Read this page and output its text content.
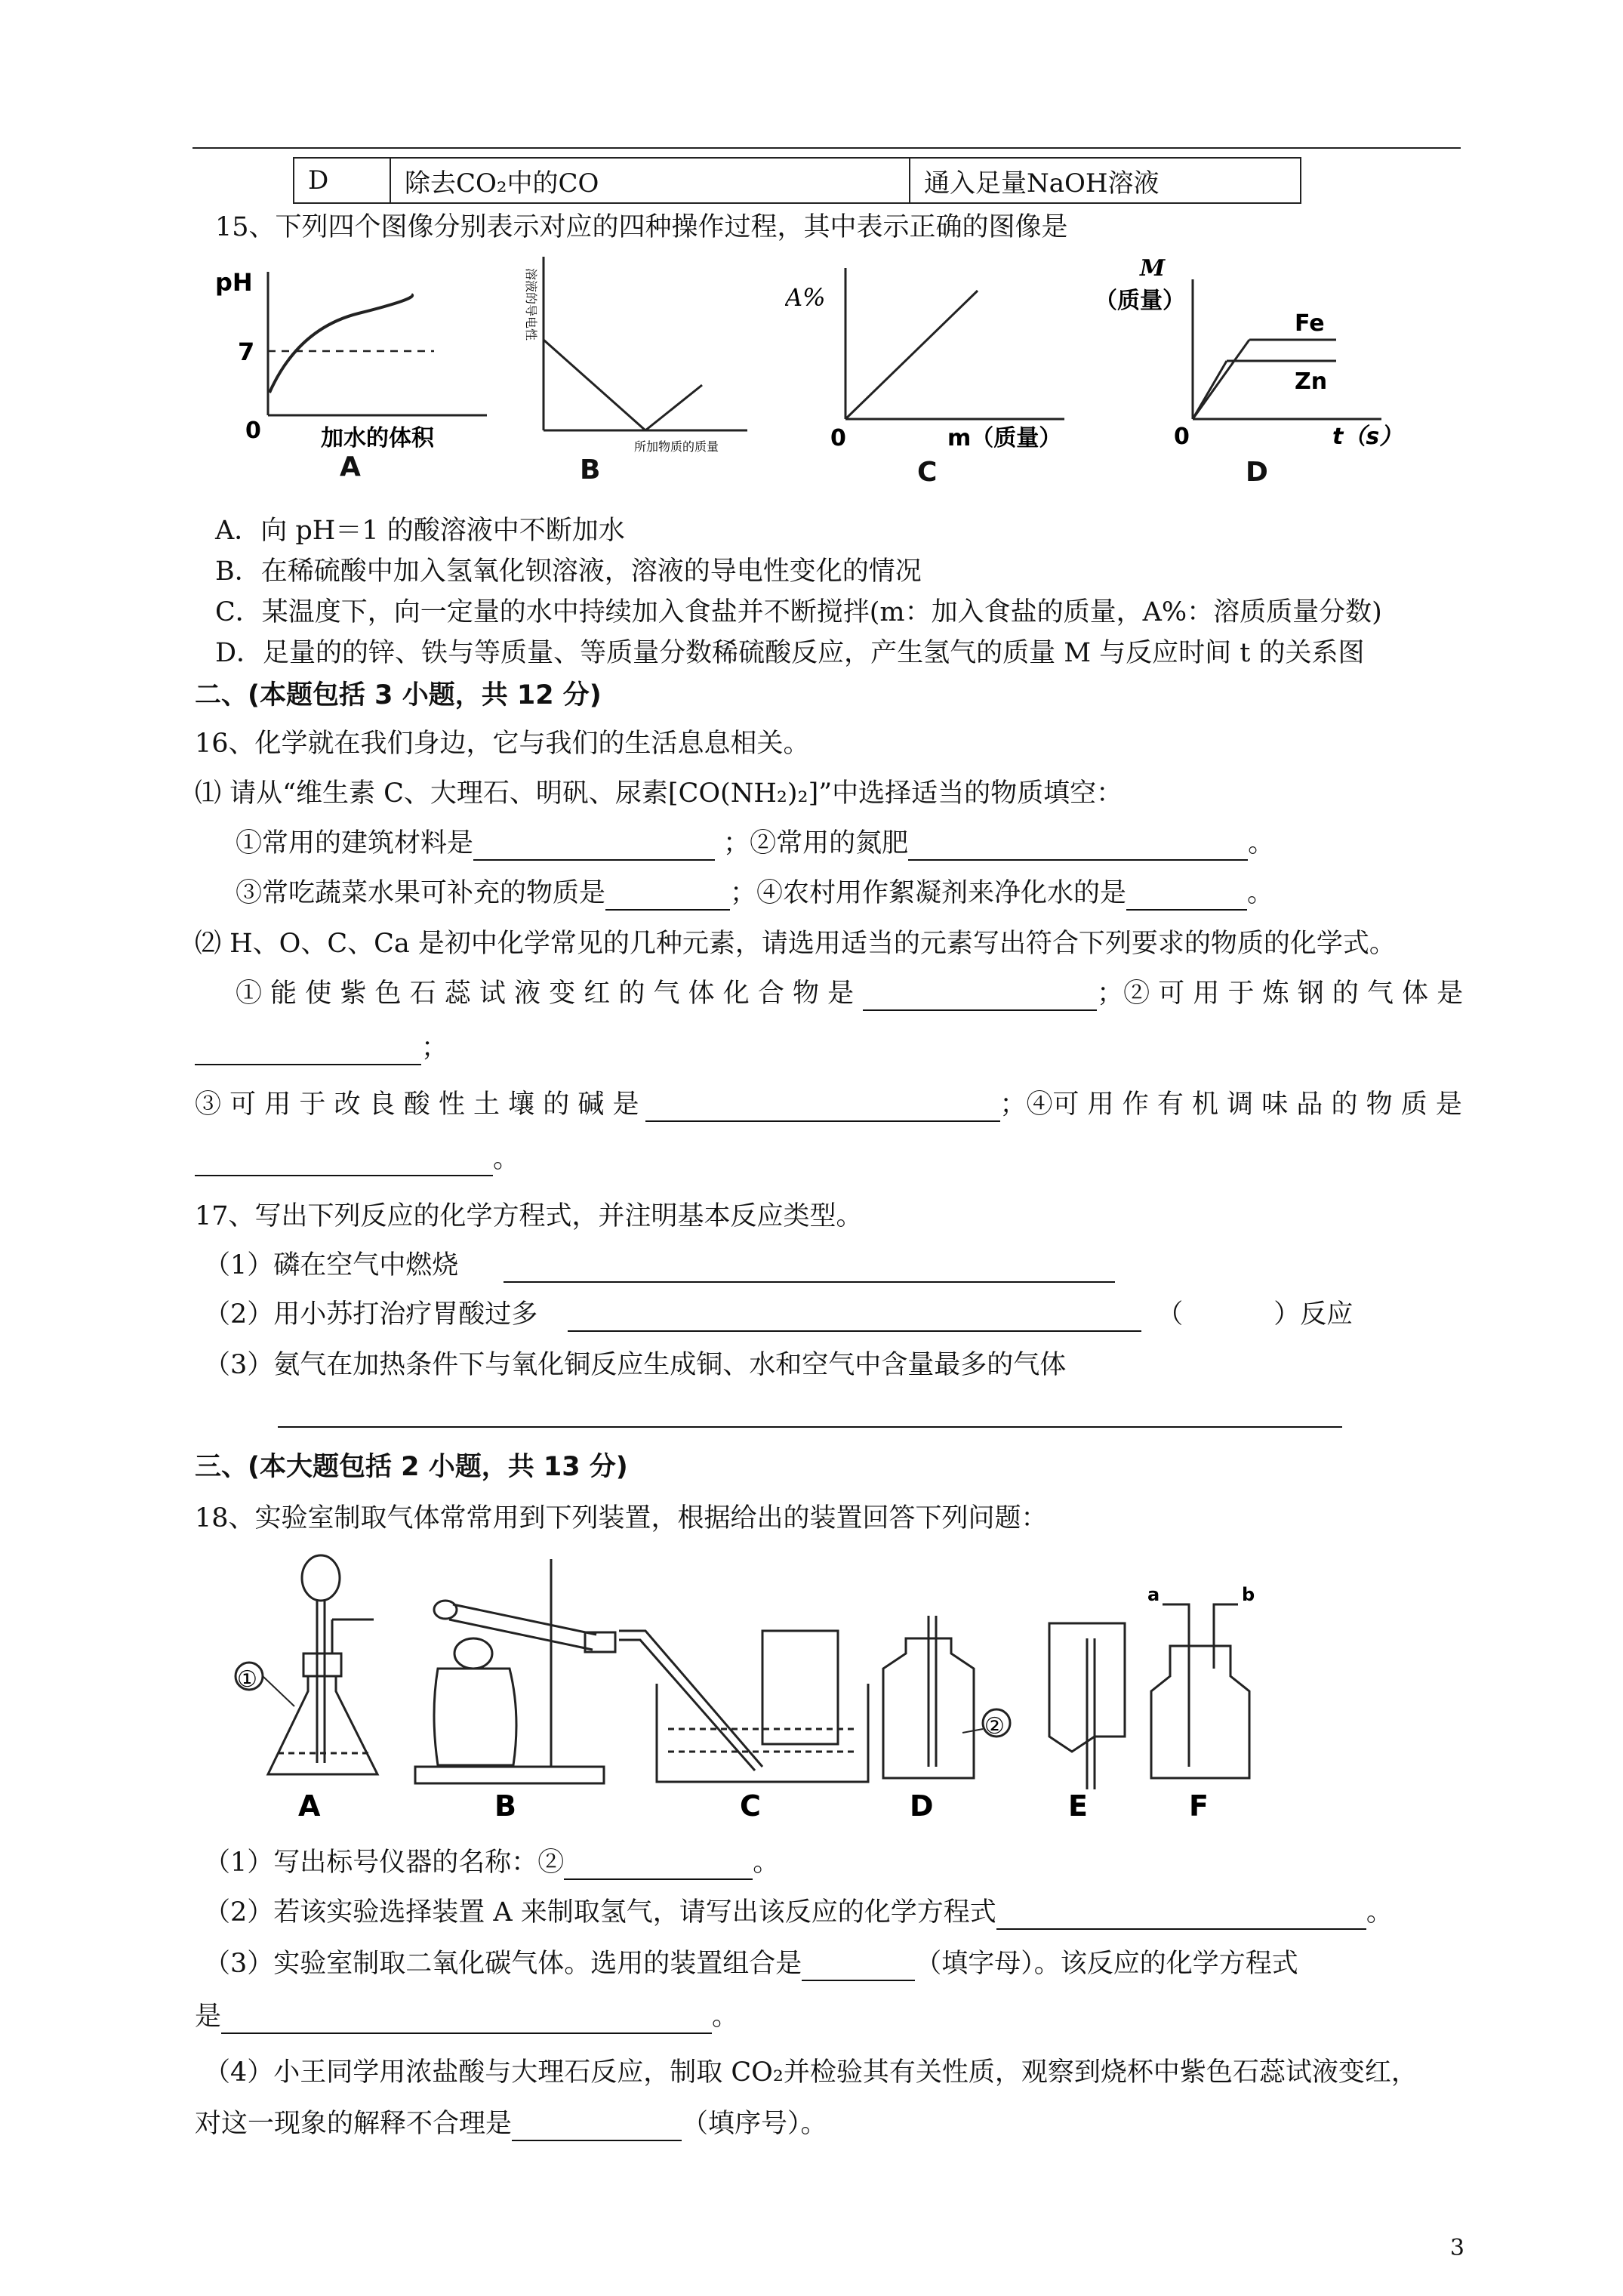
D	除去CO₂中的CO	通入足量NaOH溶液
15、下列四个图像分别表示对应的四种操作过程，其中表示正确的图像是
pH
7
0	加水的体积
A
溶液的导电性
所加物质的质量
B
A%
0	m（质量）
C
M
（质量）
Fe
Zn
0	t（s）
D
A．向 pH＝1 的酸溶液中不断加水
B．在稀硫酸中加入氢氧化钡溶液，溶液的导电性变化的情况
C．某温度下，向一定量的水中持续加入食盐并不断搅拌(m：加入食盐的质量，A%：溶质质量分数)
D．足量的的锌、铁与等质量、等质量分数稀硫酸反应，产生氢气的质量 M 与反应时间 t 的关系图
二、(本题包括 3 小题，共 12 分)
16、化学就在我们身边，它与我们的生活息息相关。
⑴ 请从“维生素 C、大理石、明矾、尿素[CO(NH₂)₂]”中选择适当的物质填空：
①常用的建筑材料是	；②常用的氮肥	。
③常吃蔬菜水果可补充的物质是	；④农村用作絮凝剂来净化水的是	。
⑵ H、O、C、Ca 是初中化学常见的几种元素，请选用适当的元素写出符合下列要求的物质的化学式。
① 能 使 紫 色 石 蕊 试 液 变 红 的 气 体 化 合 物 是	；② 可 用 于 炼 钢 的 气 体 是
；
③ 可 用 于 改 良 酸 性 土 壤 的 碱 是	；④可 用 作 有 机 调 味 品 的 物 质 是
。
17、写出下列反应的化学方程式，并注明基本反应类型。
（1）磷在空气中燃烧
（2）用小苏打治疗胃酸过多	（	）反应
（3）氨气在加热条件下与氧化铜反应生成铜、水和空气中含量最多的气体
三、(本大题包括 2 小题，共 13 分)
18、实验室制取气体常常用到下列装置，根据给出的装置回答下列问题：
①
A	B	C
②
D	E
a	b
F
（1）写出标号仪器的名称：②	。
（2）若该实验选择装置 A 来制取氢气，请写出该反应的化学方程式	。
（3）实验室制取二氧化碳气体。选用的装置组合是	（填字母）。该反应的化学方程式
是	。
（4）小王同学用浓盐酸与大理石反应，制取 CO₂并检验其有关性质，观察到烧杯中紫色石蕊试液变红，
对这一现象的解释不合理是	（填序号）。
3
